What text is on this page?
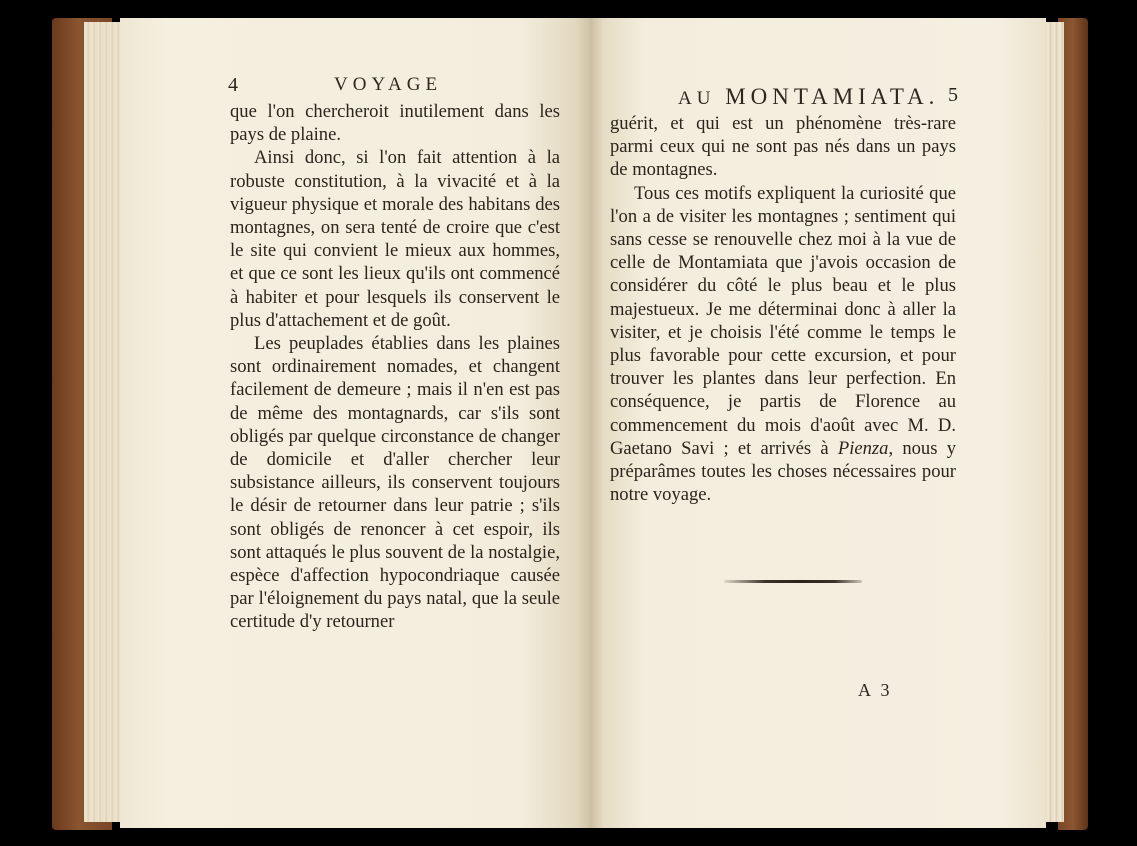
4	VOYAGE

que l'on chercheroit inutilement dans les pays de plaine.

Ainsi donc, si l'on fait attention à la robuste constitution, à la vivacité et à la vigueur physique et morale des habitans des montagnes, on sera tenté de croire que c'est le site qui convient le mieux aux hommes, et que ce sont les lieux qu'ils ont commencé à habiter et pour lesquels ils conservent le plus d'attachement et de goût.

Les peuplades établies dans les plaines sont ordinairement nomades, et changent facilement de demeure ; mais il n'en est pas de même des montagnards, car s'ils sont obligés par quelque circonstance de changer de domicile et d'aller chercher leur subsistance ailleurs, ils conservent toujours le désir de retourner dans leur patrie ; s'ils sont obligés de renoncer à cet espoir, ils sont attaqués le plus souvent de la nostalgie, espèce d'affection hypocondriaque causée par l'éloignement du pays natal, que la seule certitude d'y retourner

AU MONTAMIATA. 5

guérit, et qui est un phénomène très-rare parmi ceux qui ne sont pas nés dans un pays de montagnes.

Tous ces motifs expliquent la curiosité que l'on a de visiter les montagnes ; sentiment qui sans cesse se renouvelle chez moi à la vue de celle de Montamiata que j'avois occasion de considérer du côté le plus beau et le plus majestueux. Je me déterminai donc à aller la visiter, et je choisis l'été comme le temps le plus favorable pour cette excursion, et pour trouver les plantes dans leur perfection. En conséquence, je partis de Florence au commencement du mois d'août avec M. D. Gaetano Savi ; et arrivés à Pienza, nous y préparâmes toutes les choses nécessaires pour notre voyage.

A 3
